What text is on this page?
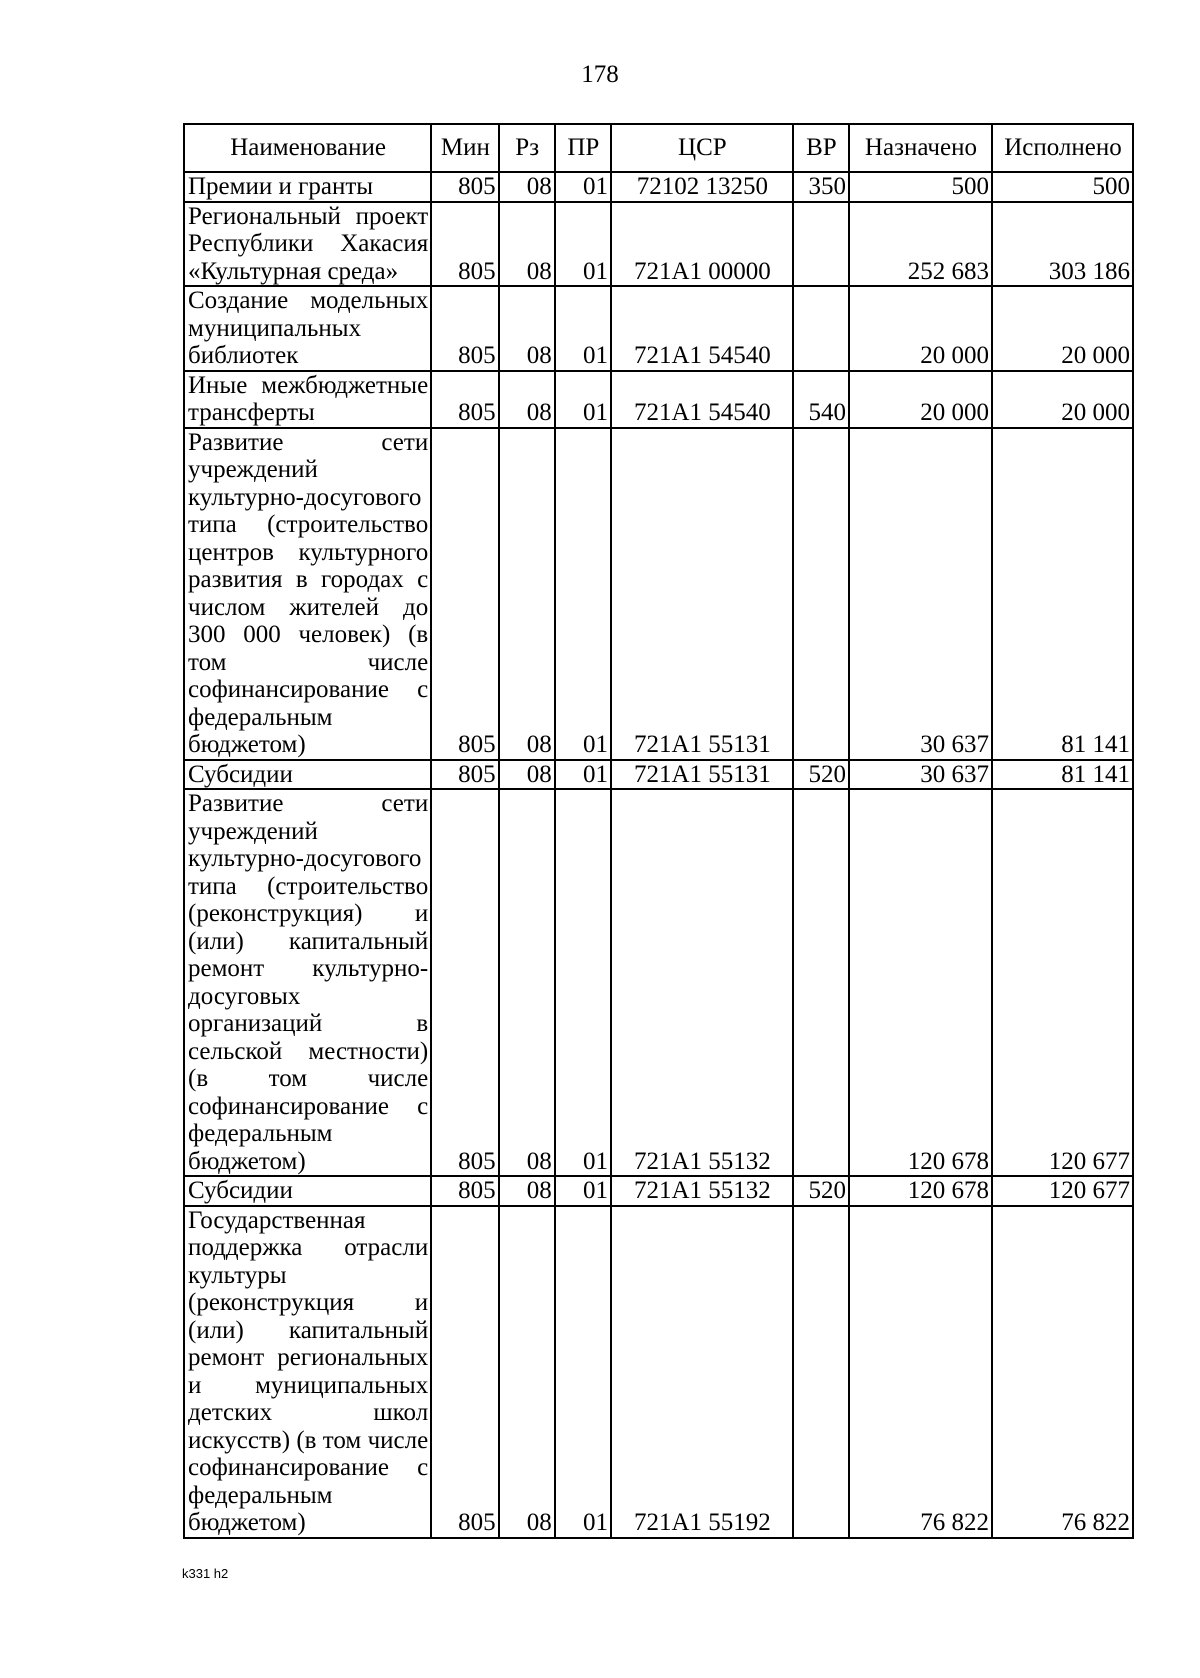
178
Наименование	Мин	Рз	ПР	ЦСР	ВР	Назначено	Исполнено
Премии и гранты	805	08	01	72102 13250	350	500	500
Региональный проект Республики Хакасия «Культурная среда»	805	08	01	721А1 00000		252 683	303 186
Создание модельных муниципальных библиотек	805	08	01	721А1 54540		20 000	20 000
Иные межбюджетные трансферты	805	08	01	721А1 54540	540	20 000	20 000
Развитие сети учреждений культурно-досугового типа (строительство центров культурного развития в городах с числом жителей до 300 000 человек) (в том числе софинансирование с федеральным бюджетом)	805	08	01	721А1 55131		30 637	81 141
Субсидии	805	08	01	721А1 55131	520	30 637	81 141
Развитие сети учреждений культурно-досугового типа (строительство (реконструкция) и (или) капитальный ремонт культурно-досуговых организаций в сельской местности) (в том числе софинансирование с федеральным бюджетом)	805	08	01	721А1 55132		120 678	120 677
Субсидии	805	08	01	721А1 55132	520	120 678	120 677
Государственная поддержка отрасли культуры (реконструкция и (или) капитальный ремонт региональных и муниципальных детских школ искусств) (в том числе софинансирование с федеральным бюджетом)	805	08	01	721А1 55192		76 822	76 822
k331 h2
